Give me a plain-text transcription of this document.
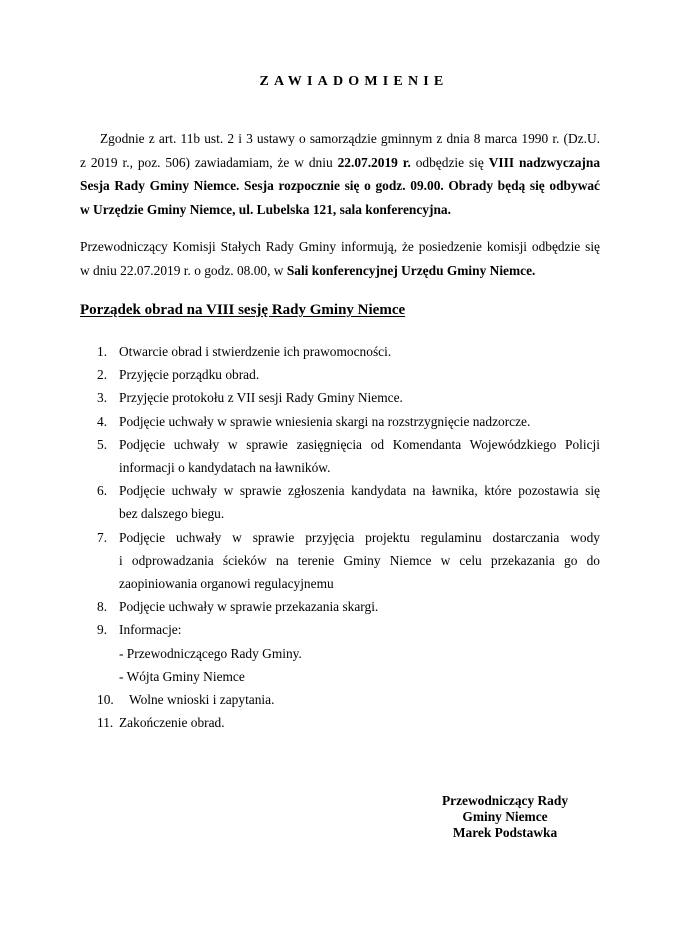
ZAWIADOMIENIE
Zgodnie z art. 11b ust. 2 i 3 ustawy o samorządzie gminnym z dnia 8 marca 1990 r. (Dz.U.
z 2019 r., poz. 506) zawiadamiam, że w dniu 22.07.2019 r. odbędzie się VIII nadzwyczajna
Sesja Rady Gminy Niemce. Sesja rozpocznie się o godz. 09.00. Obrady będą się odbywać
w Urzędzie Gminy Niemce, ul. Lubelska 121, sala konferencyjna.
Przewodniczący Komisji Stałych Rady Gminy informują, że posiedzenie komisji odbędzie się
w dniu 22.07.2019 r. o godz. 08.00, w Sali konferencyjnej Urzędu Gminy Niemce.
Porządek obrad na VIII sesję Rady Gminy Niemce
1. Otwarcie obrad i stwierdzenie ich prawomocności.
2. Przyjęcie porządku obrad.
3. Przyjęcie protokołu z VII sesji Rady Gminy Niemce.
4. Podjęcie uchwały w sprawie wniesienia skargi na rozstrzygnięcie nadzorcze.
5. Podjęcie uchwały w sprawie zasięgnięcia od Komendanta Wojewódzkiego Policji
informacji o kandydatach na ławników.
6. Podjęcie uchwały w sprawie zgłoszenia kandydata na ławnika, które pozostawia się
bez dalszego biegu.
7. Podjęcie uchwały w sprawie przyjęcia projektu regulaminu dostarczania wody
i odprowadzania ścieków na terenie Gminy Niemce w celu przekazania go do
zaopiniowania organowi regulacyjnemu
8. Podjęcie uchwały w sprawie przekazania skargi.
9. Informacje:
- Przewodniczącego Rady Gminy.
- Wójta Gminy Niemce
10.	Wolne wnioski i zapytania.
11. Zakończenie obrad.
Przewodniczący Rady
Gminy Niemce
Marek Podstawka
